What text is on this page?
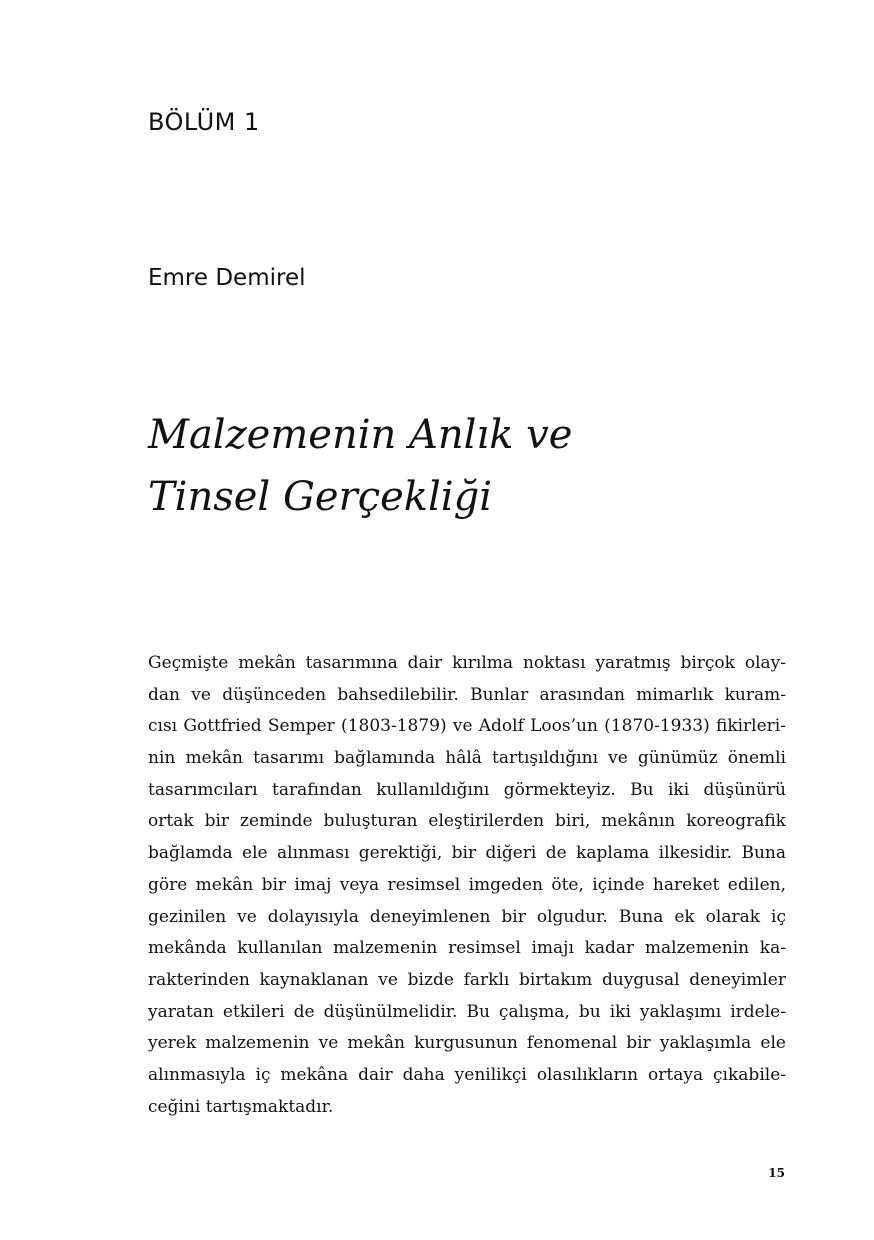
BÖLÜM 1

Emre Demirel

Malzemenin Anlık ve
Tinsel Gerçekliği
Geçmişte mekân tasarımına dair kırılma noktası yaratmış birçok olay-
dan ve düşünceden bahsedilebilir. Bunlar arasından mimarlık kuram-
cısı Gottfried Semper (1803-1879) ve Adolf Loos’un (1870-1933) fikirleri-
nin mekân tasarımı bağlamında hâlâ tartışıldığını ve günümüz önemli
tasarımcıları tarafından kullanıldığını görmekteyiz. Bu iki düşünürü
ortak bir zeminde buluşturan eleştirilerden biri, mekânın koreografik
bağlamda ele alınması gerektiği, bir diğeri de kaplama ilkesidir. Buna
göre mekân bir imaj veya resimsel imgeden öte, içinde hareket edilen,
gezinilen ve dolayısıyla deneyimlenen bir olgudur. Buna ek olarak iç
mekânda kullanılan malzemenin resimsel imajı kadar malzemenin ka-
rakterinden kaynaklanan ve bizde farklı birtakım duygusal deneyimler
yaratan etkileri de düşünülmelidir. Bu çalışma, bu iki yaklaşımı irdele-
yerek malzemenin ve mekân kurgusunun fenomenal bir yaklaşımla ele
alınmasıyla iç mekâna dair daha yenilikçi olasılıkların ortaya çıkabile-
ceğini tartışmaktadır.
15
